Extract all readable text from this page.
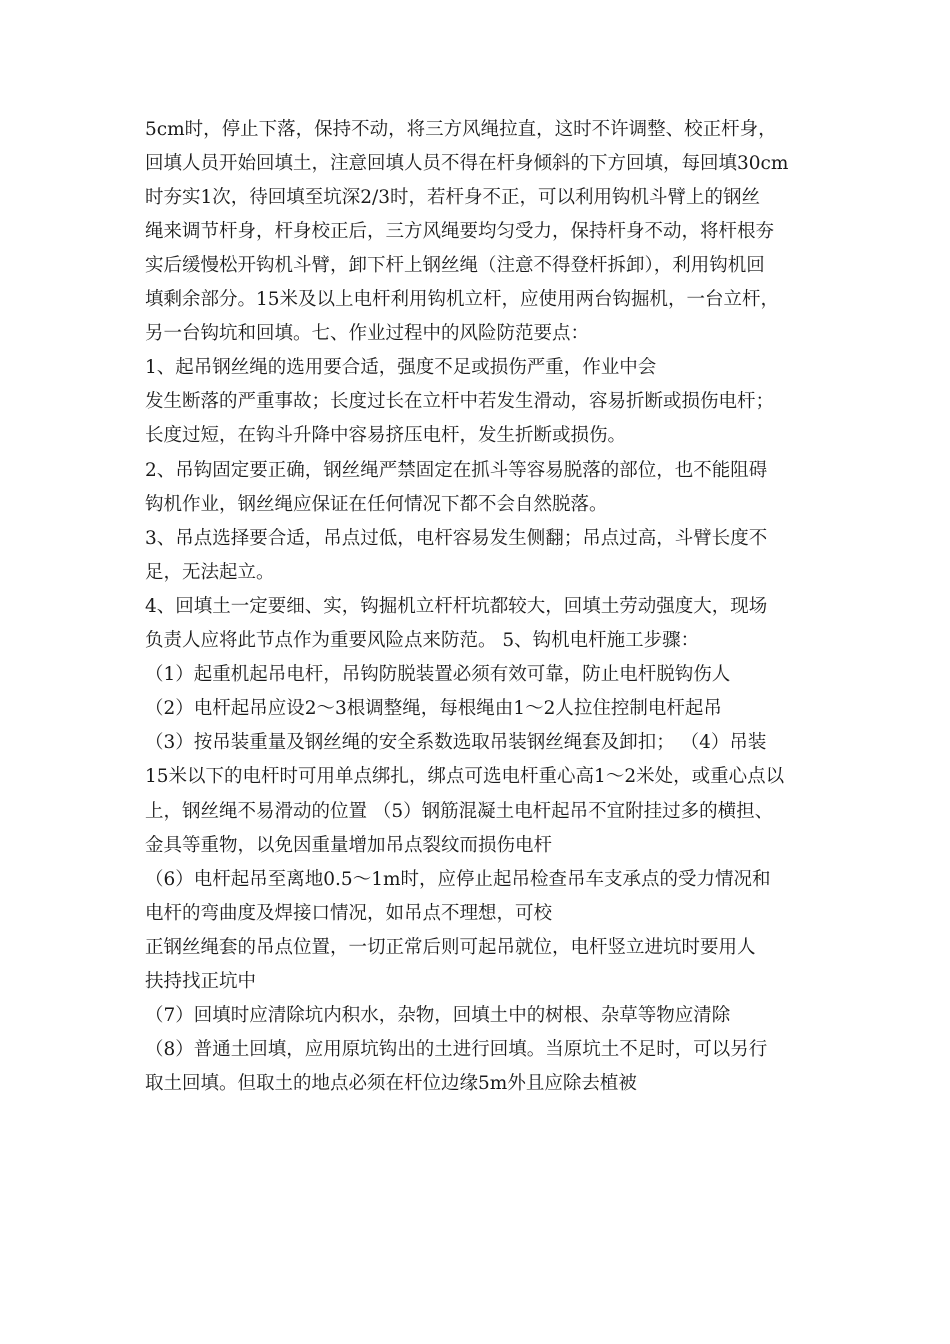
5cm时，停止下落，保持不动，将三方风绳拉直，这时不许调整、校正杆身，
回填人员开始回填土，注意回填人员不得在杆身倾斜的下方回填，每回填30cm
时夯实1次，待回填至坑深2/3时，若杆身不正，可以利用钩机斗臂上的钢丝
绳来调节杆身，杆身校正后，三方风绳要均匀受力，保持杆身不动，将杆根夯
实后缓慢松开钩机斗臂，卸下杆上钢丝绳（注意不得登杆拆卸），利用钩机回
填剩余部分。15米及以上电杆利用钩机立杆，应使用两台钩掘机，一台立杆，
另一台钩坑和回填。七、作业过程中的风险防范要点：
1、起吊钢丝绳的选用要合适，强度不足或损伤严重，作业中会
发生断落的严重事故；长度过长在立杆中若发生滑动，容易折断或损伤电杆；
长度过短，在钩斗升降中容易挤压电杆，发生折断或损伤。
2、吊钩固定要正确，钢丝绳严禁固定在抓斗等容易脱落的部位，也不能阻碍
钩机作业，钢丝绳应保证在任何情况下都不会自然脱落。
3、吊点选择要合适，吊点过低，电杆容易发生侧翻；吊点过高，斗臂长度不
足，无法起立。
4、回填土一定要细、实，钩掘机立杆杆坑都较大，回填土劳动强度大，现场
负责人应将此节点作为重要风险点来防范。 5、钩机电杆施工步骤：
（1）起重机起吊电杆，吊钩防脱装置必须有效可靠，防止电杆脱钩伤人
（2）电杆起吊应设2～3根调整绳，每根绳由1～2人拉住控制电杆起吊
（3）按吊装重量及钢丝绳的安全系数选取吊装钢丝绳套及卸扣； （4）吊装
15米以下的电杆时可用单点绑扎，绑点可选电杆重心高1～2米处，或重心点以
上，钢丝绳不易滑动的位置 （5）钢筋混凝土电杆起吊不宜附挂过多的横担、
金具等重物，以免因重量增加吊点裂纹而损伤电杆
（6）电杆起吊至离地0.5～1m时，应停止起吊检查吊车支承点的受力情况和
电杆的弯曲度及焊接口情况，如吊点不理想，可校
正钢丝绳套的吊点位置，一切正常后则可起吊就位，电杆竖立进坑时要用人
扶持找正坑中
（7）回填时应清除坑内积水，杂物，回填土中的树根、杂草等物应清除
（8）普通土回填，应用原坑钩出的土进行回填。当原坑土不足时，可以另行
取土回填。但取土的地点必须在杆位边缘5m外且应除去植被
